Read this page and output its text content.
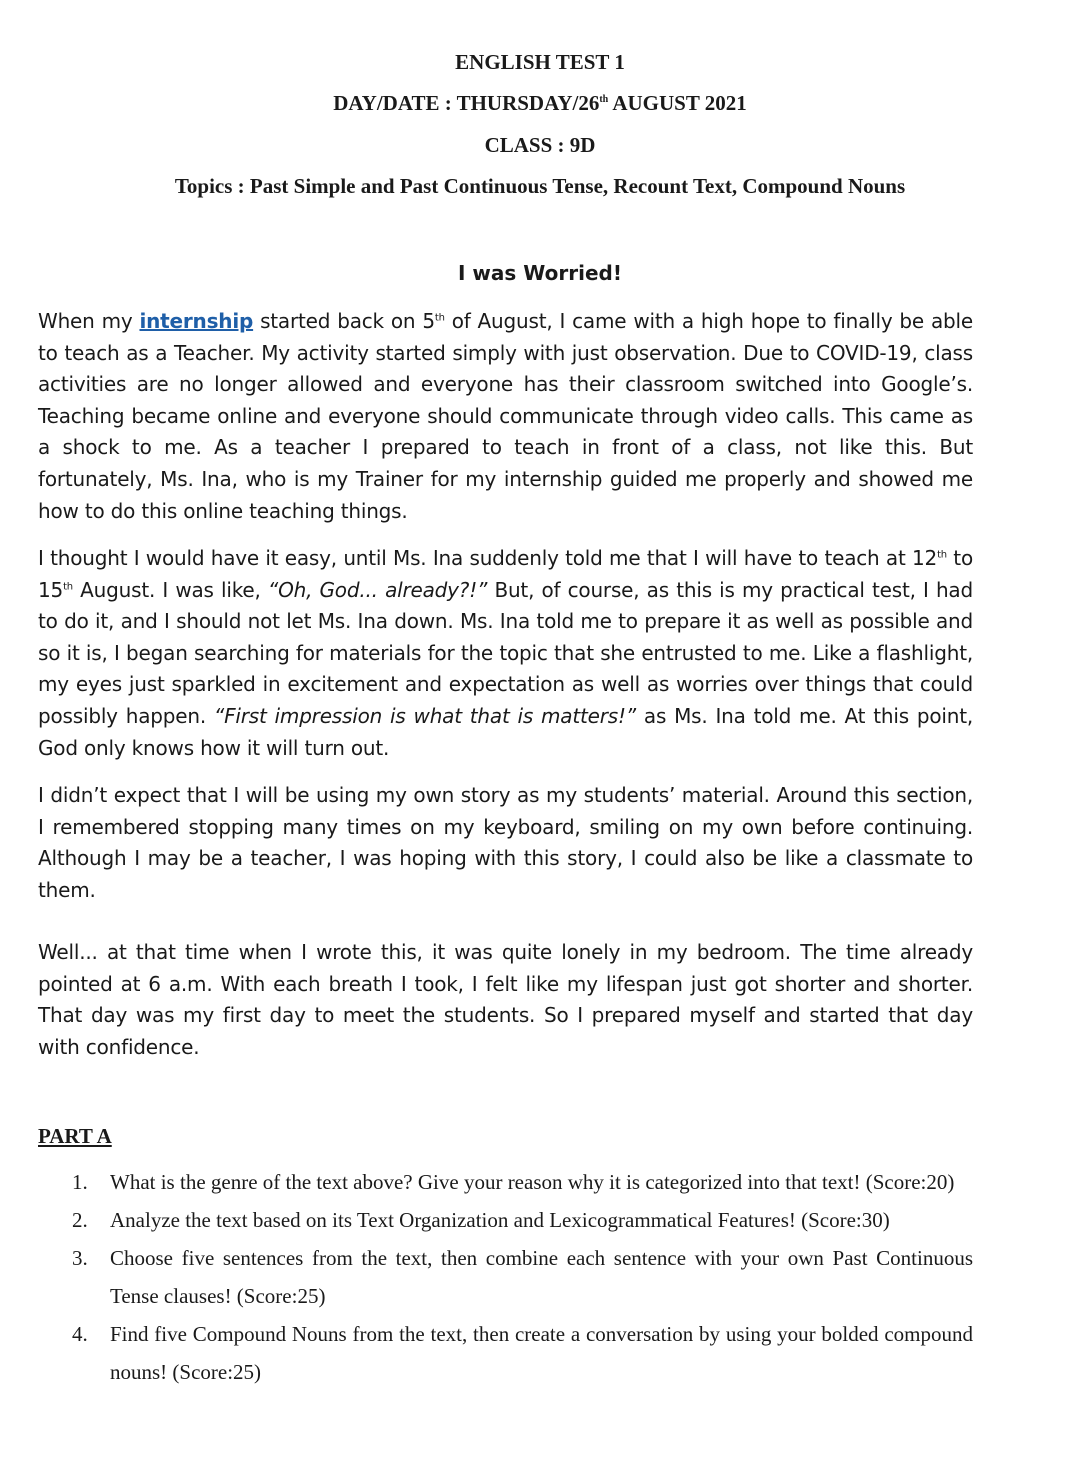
ENGLISH TEST 1
DAY/DATE : THURSDAY/26th AUGUST 2021
CLASS : 9D
Topics : Past Simple and Past Continuous Tense, Recount Text, Compound Nouns
I was Worried!

When my internship started back on 5th of August, I came with a high hope to finally be able to teach as a Teacher. My activity started simply with just observation. Due to COVID-19, class activities are no longer allowed and everyone has their classroom switched into Google’s. Teaching became online and everyone should communicate through video calls. This came as a shock to me. As a teacher I prepared to teach in front of a class, not like this. But fortunately, Ms. Ina, who is my Trainer for my internship guided me properly and showed me how to do this online teaching things.

I thought I would have it easy, until Ms. Ina suddenly told me that I will have to teach at 12th to 15th August. I was like, “Oh, God... already?!” But, of course, as this is my practical test, I had to do it, and I should not let Ms. Ina down. Ms. Ina told me to prepare it as well as possible and so it is, I began searching for materials for the topic that she entrusted to me. Like a flashlight, my eyes just sparkled in excitement and expectation as well as worries over things that could possibly happen. “First impression is what that is matters!” as Ms. Ina told me. At this point, God only knows how it will turn out.

I didn’t expect that I will be using my own story as my students’ material. Around this section, I remembered stopping many times on my keyboard, smiling on my own before continuing. Although I may be a teacher, I was hoping with this story, I could also be like a classmate to them.

Well... at that time when I wrote this, it was quite lonely in my bedroom. The time already pointed at 6 a.m. With each breath I took, I felt like my lifespan just got shorter and shorter. That day was my first day to meet the students. So I prepared myself and started that day with confidence.

PART A
1. What is the genre of the text above? Give your reason why it is categorized into that text! (Score:20)
2. Analyze the text based on its Text Organization and Lexicogrammatical Features! (Score:30)
3. Choose five sentences from the text, then combine each sentence with your own Past Continuous Tense clauses! (Score:25)
4. Find five Compound Nouns from the text, then create a conversation by using your bolded compound nouns! (Score:25)
